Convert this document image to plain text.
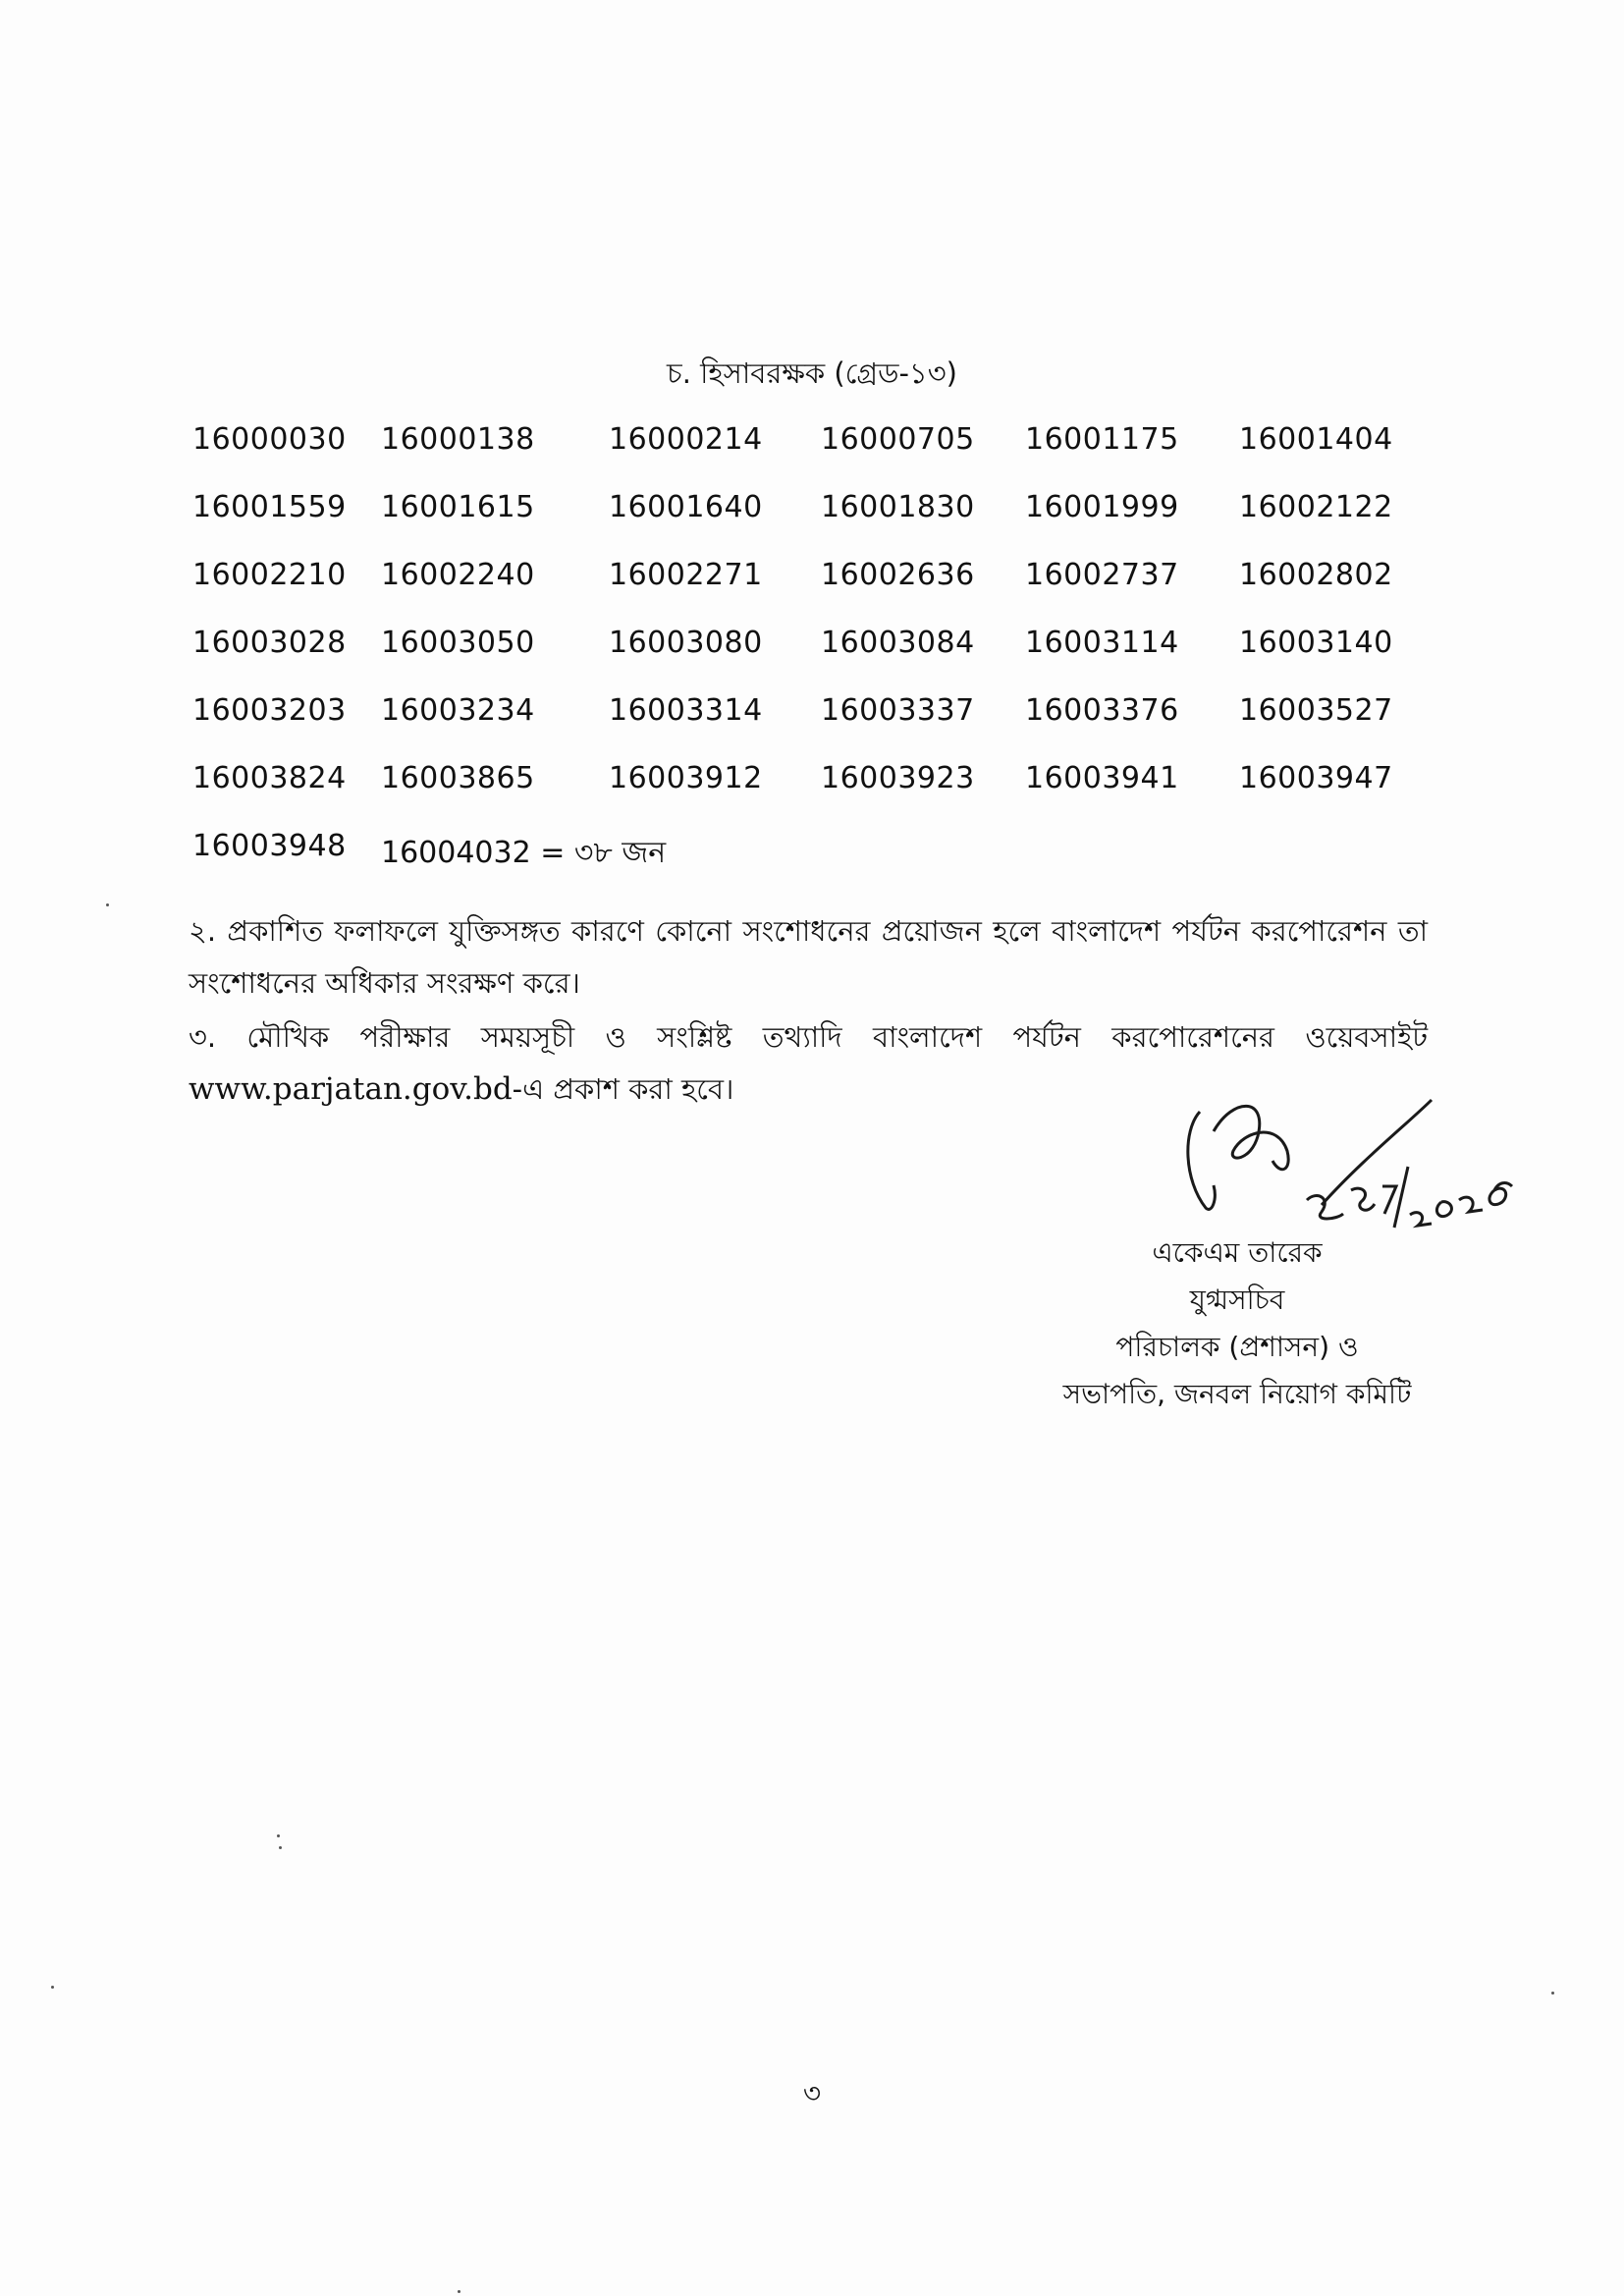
চ. হিসাবরক্ষক (গ্রেড-১৩)
16000030 16000138	16000214 16000705 16001175 16001404
16001559 16001615	16001640 16001830 16001999 16002122
16002210 16002240	16002271 16002636 16002737 16002802
16003028 16003050	16003080 16003084 16003114 16003140
16003203 16003234	16003314 16003337 16003376 16003527
16003824 16003865	16003912 16003923 16003941 16003947
16003948 16004032 = ৩৮ জন
২. প্রকাশিত ফলাফলে যুক্তিসঙ্গত কারণে কোনো সংশোধনের প্রয়োজন হলে বাংলাদেশ পর্যটন করপোরেশন তা সংশোধনের অধিকার সংরক্ষণ করে।
৩. মৌখিক পরীক্ষার সময়সূচী ও সংশ্লিষ্ট তথ্যাদি বাংলাদেশ পর্যটন করপোরেশনের ওয়েবসাইট www.parjatan.gov.bd-এ প্রকাশ করা হবে।
একেএম তারেক
যুগ্মসচিব
পরিচালক (প্রশাসন) ও
সভাপতি, জনবল নিয়োগ কমিটি
৩
